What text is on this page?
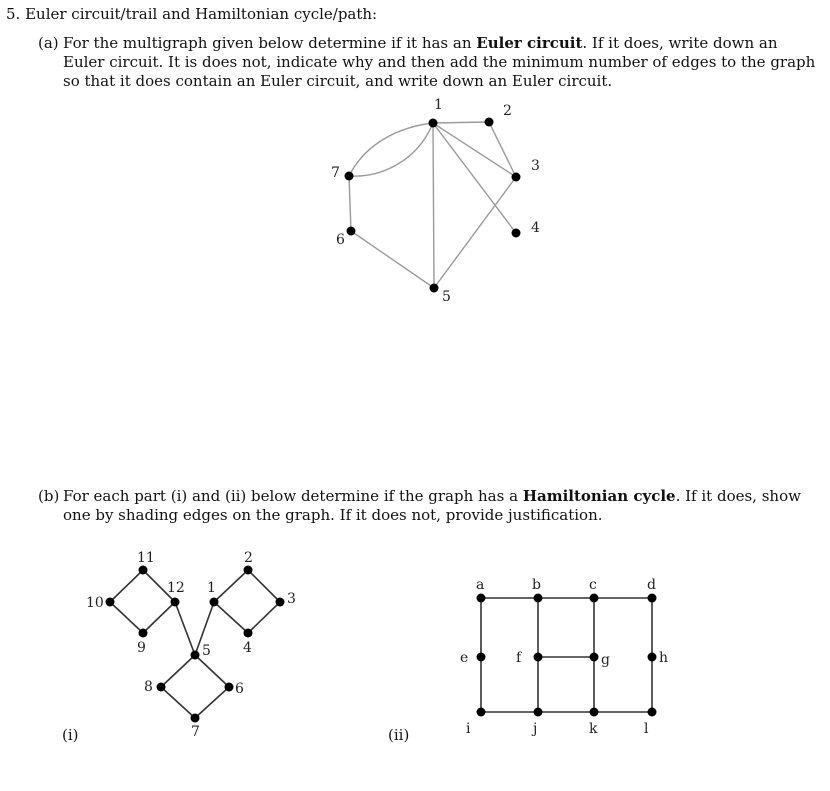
5. Euler circuit/trail and Hamiltonian cycle/path:
(a) For the multigraph given below determine if it has an Euler circuit. If it does, write down an
Euler circuit. It is does not, indicate why and then add the minimum number of edges to the graph
so that it does contain an Euler circuit, and write down an Euler circuit.
(b) For each part (i) and (ii) below determine if the graph has a Hamiltonian cycle. If it does, show
one by shading edges on the graph. If it does not, provide justification.
(i)	(ii)
1	2
3
4
5
6
7
1
2
3
4
5
6
7
8
9
10
11
12	a	b	c	d
e	f	g	h
i	j	k	l
